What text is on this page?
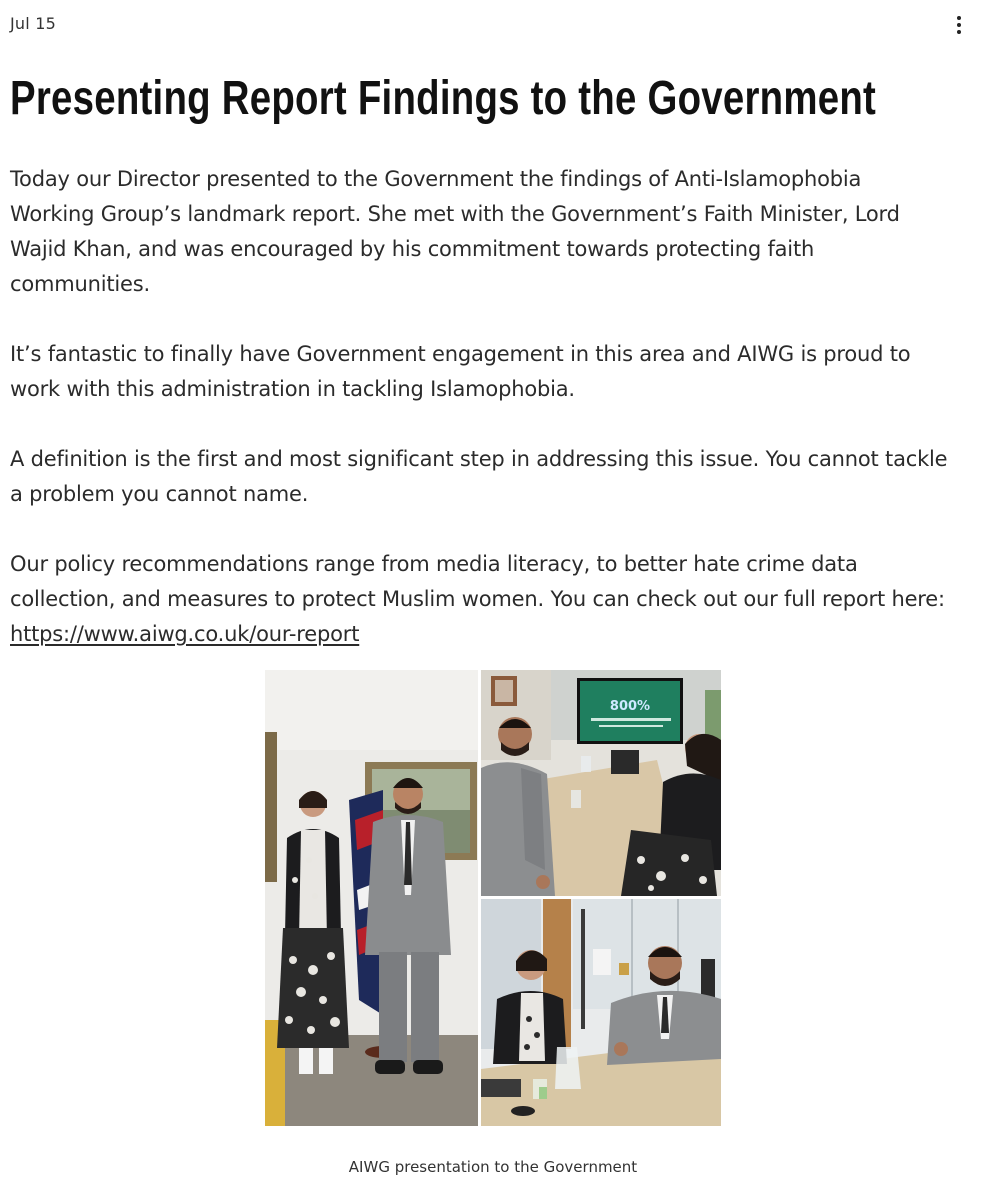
Jul 15
Presenting Report Findings to the Government

Today our Director presented to the Government the findings of Anti-Islamophobia Working Group’s landmark report. She met with the Government’s Faith Minister, Lord Wajid Khan, and was encouraged by his commitment towards protecting faith communities.

It’s fantastic to finally have Government engagement in this area and AIWG is proud to work with this administration in tackling Islamophobia.

A definition is the first and most significant step in addressing this issue. You cannot tackle a problem you cannot name.

Our policy recommendations range from media literacy, to better hate crime data collection, and measures to protect Muslim women. You can check out our full report here: https://www.aiwg.co.uk/our-report

800%
AIWG presentation to the Government
